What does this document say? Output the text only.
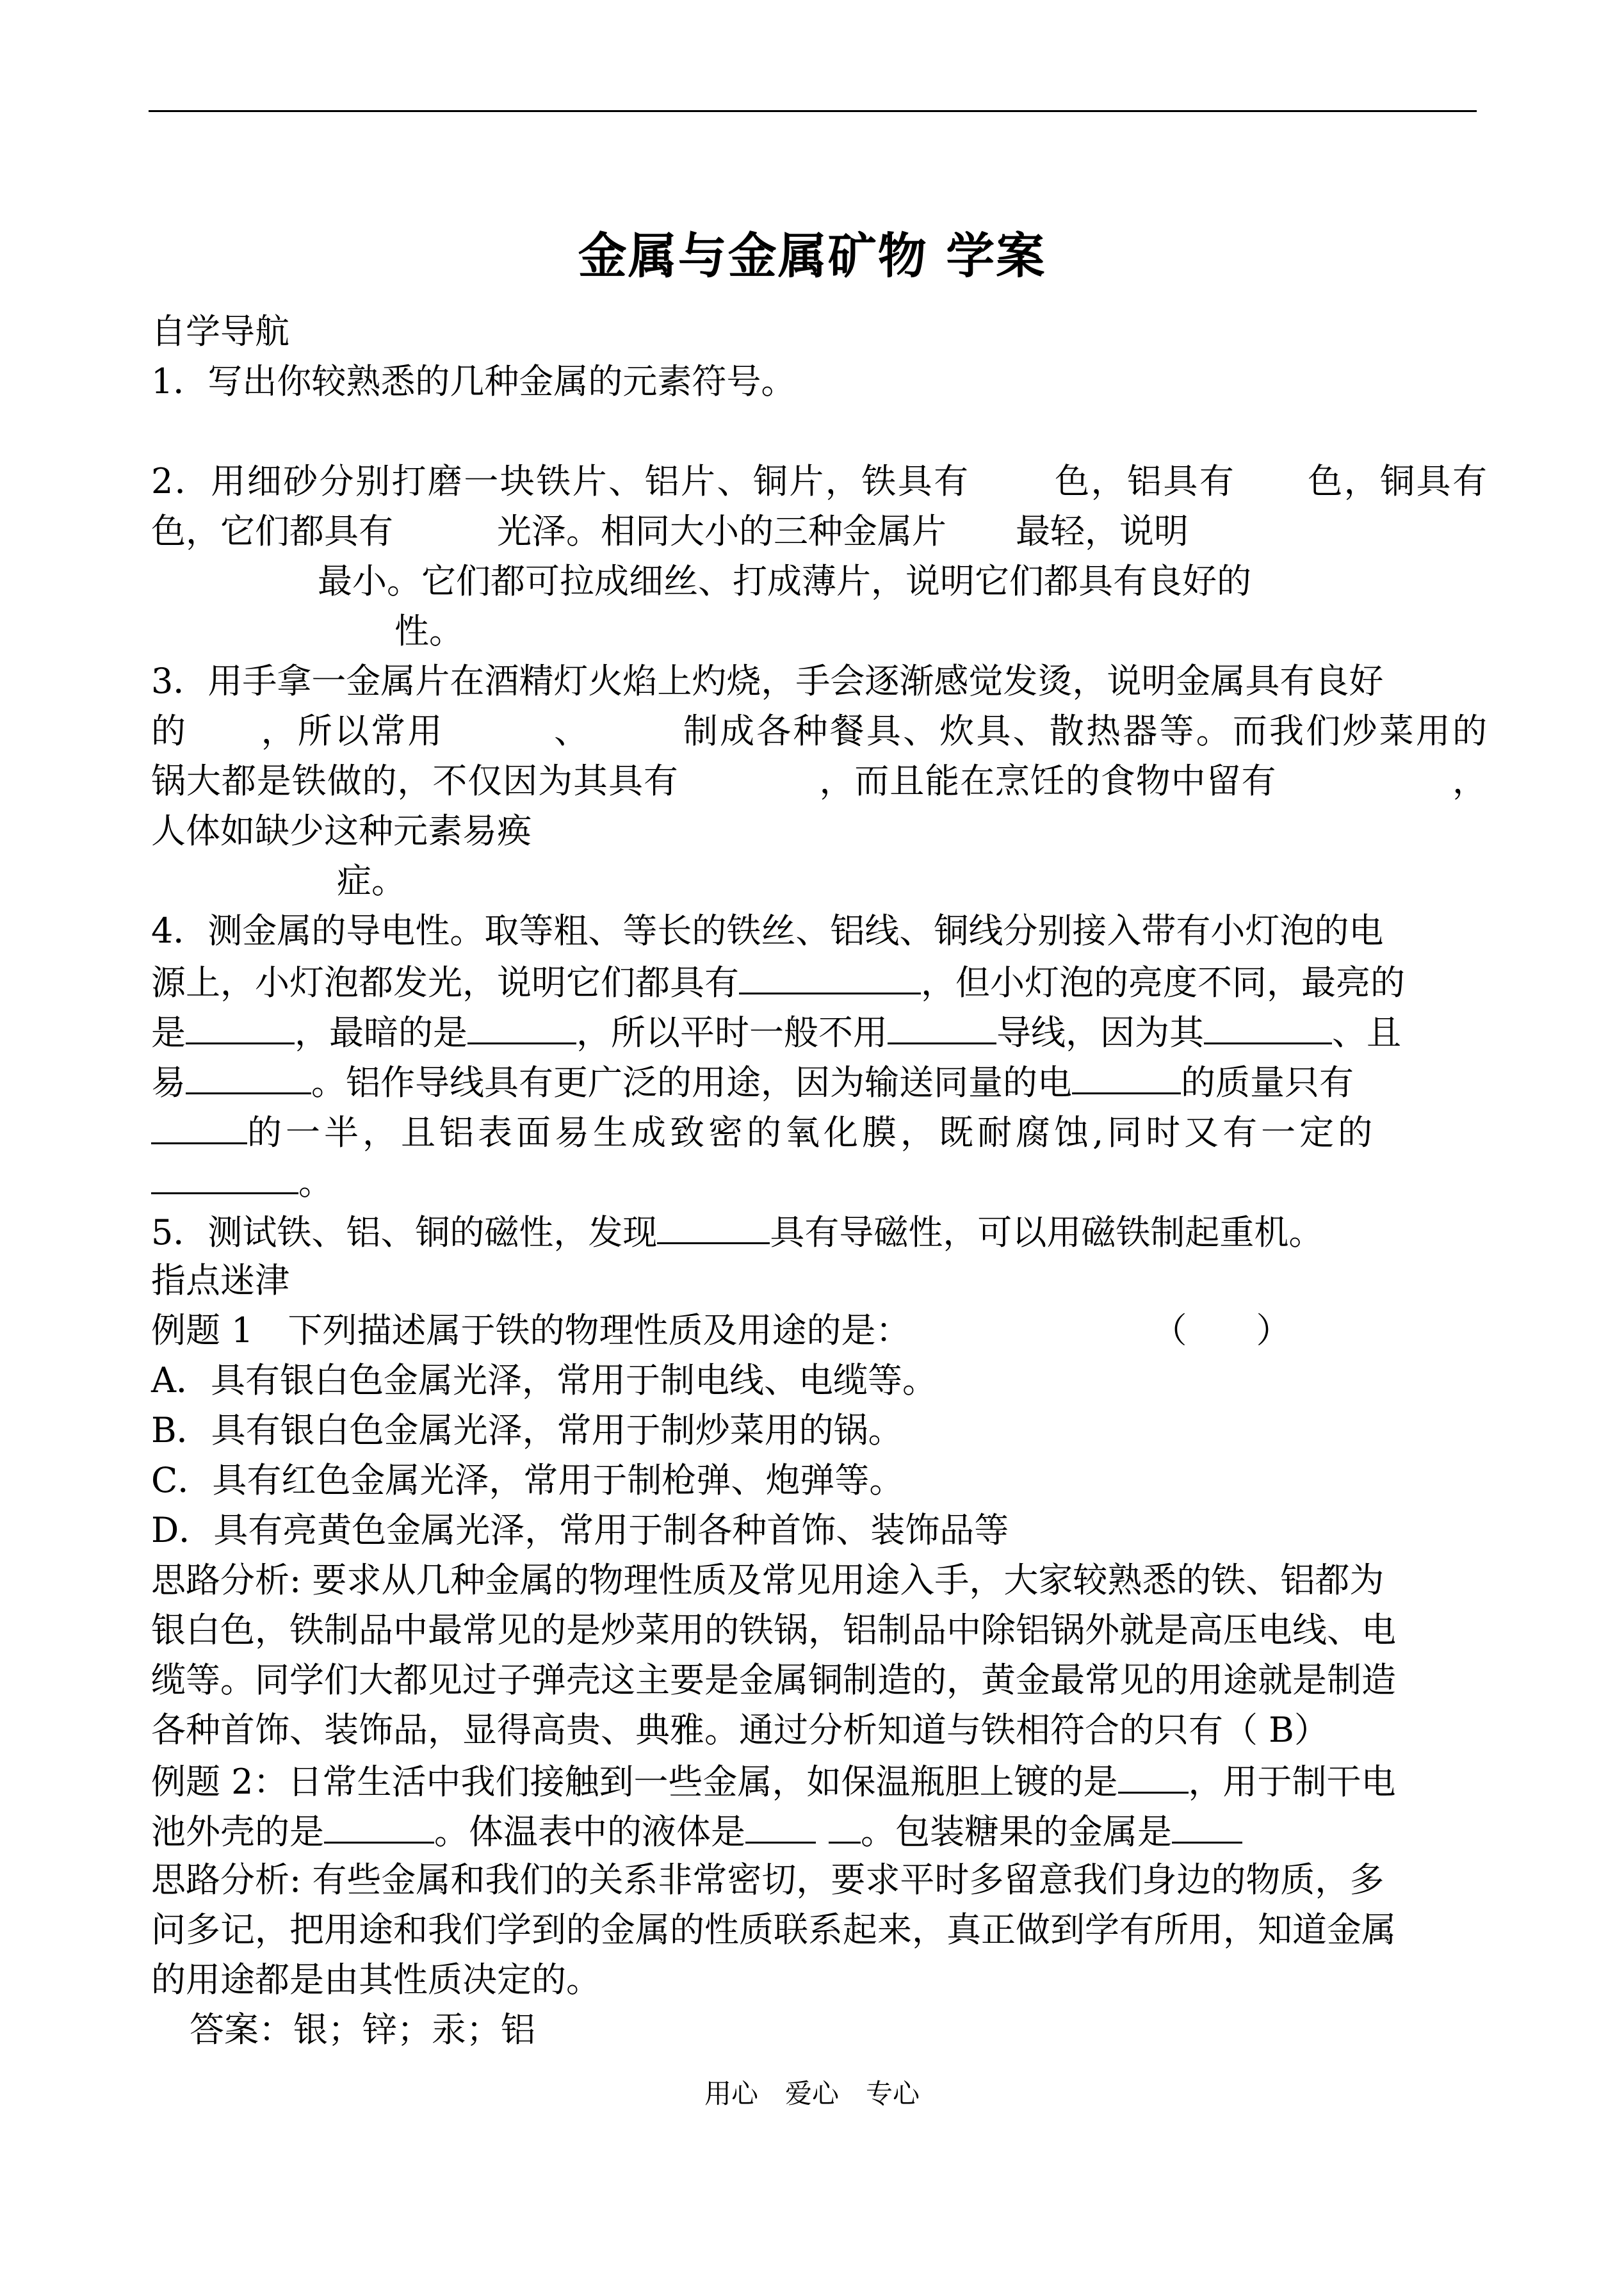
金属与金属矿物 学案
自学导航
1．写出你较熟悉的几种金属的元素符号。
2．用细砂分别打磨一块铁片、铝片、铜片，铁具有　　 色，铝具有　　色，铜具有
色，它们都具有　　　光泽。相同大小的三种金属片　　最轻，说明
最小。它们都可拉成细丝、打成薄片，说明它们都具有良好的
性。
3．用手拿一金属片在酒精灯火焰上灼烧，手会逐渐感觉发烫，说明金属具有良好
的　　，所以常用　　　、　　　制成各种餐具、炊具、散热器等。而我们炒菜用的
锅大都是铁做的，不仅因为其具有　　　　，而且能在烹饪的食物中留有　　　　　，
人体如缺少这种元素易痪
症。
4．测金属的导电性。取等粗、等长的铁丝、铝线、铜线分别接入带有小灯泡的电
源上，小灯泡都发光，说明它们都具有	，但小灯泡的亮度不同，最亮的
是	，最暗的是	，所以平时一般不用	导线，因为其	、且
易	。铝作导线具有更广泛的用途，因为输送同量的电	的质量只有
的一半，且铝表面易生成致密的氧化膜，既耐腐蚀,同时又有一定的
。
5．测试铁、铝、铜的磁性，发现	具有导磁性，可以用磁铁制起重机。
指点迷津
例题 1　下列描述属于铁的物理性质及用途的是：　　　　　　　　（　　）
A．具有银白色金属光泽，常用于制电线、电缆等。
B．具有银白色金属光泽，常用于制炒菜用的锅。
C．具有红色金属光泽，常用于制枪弹、炮弹等。
D．具有亮黄色金属光泽，常用于制各种首饰、装饰品等
思路分析: 要求从几种金属的物理性质及常见用途入手，大家较熟悉的铁、铝都为
银白色，铁制品中最常见的是炒菜用的铁锅，铝制品中除铝锅外就是高压电线、电
缆等。同学们大都见过子弹壳这主要是金属铜制造的，黄金最常见的用途就是制造
各种首饰、装饰品，显得高贵、典雅。通过分析知道与铁相符合的只有（ B）
例题 2：日常生活中我们接触到一些金属，如保温瓶胆上镀的是 ，用于制干电
池外壳的是	。体温表中的液体是	。包装糖果的金属是
思路分析: 有些金属和我们的关系非常密切，要求平时多留意我们身边的物质，多
问多记，把用途和我们学到的金属的性质联系起来，真正做到学有所用，知道金属
的用途都是由其性质决定的。
答案：银；锌；汞；铝
用心　爱心　专心
